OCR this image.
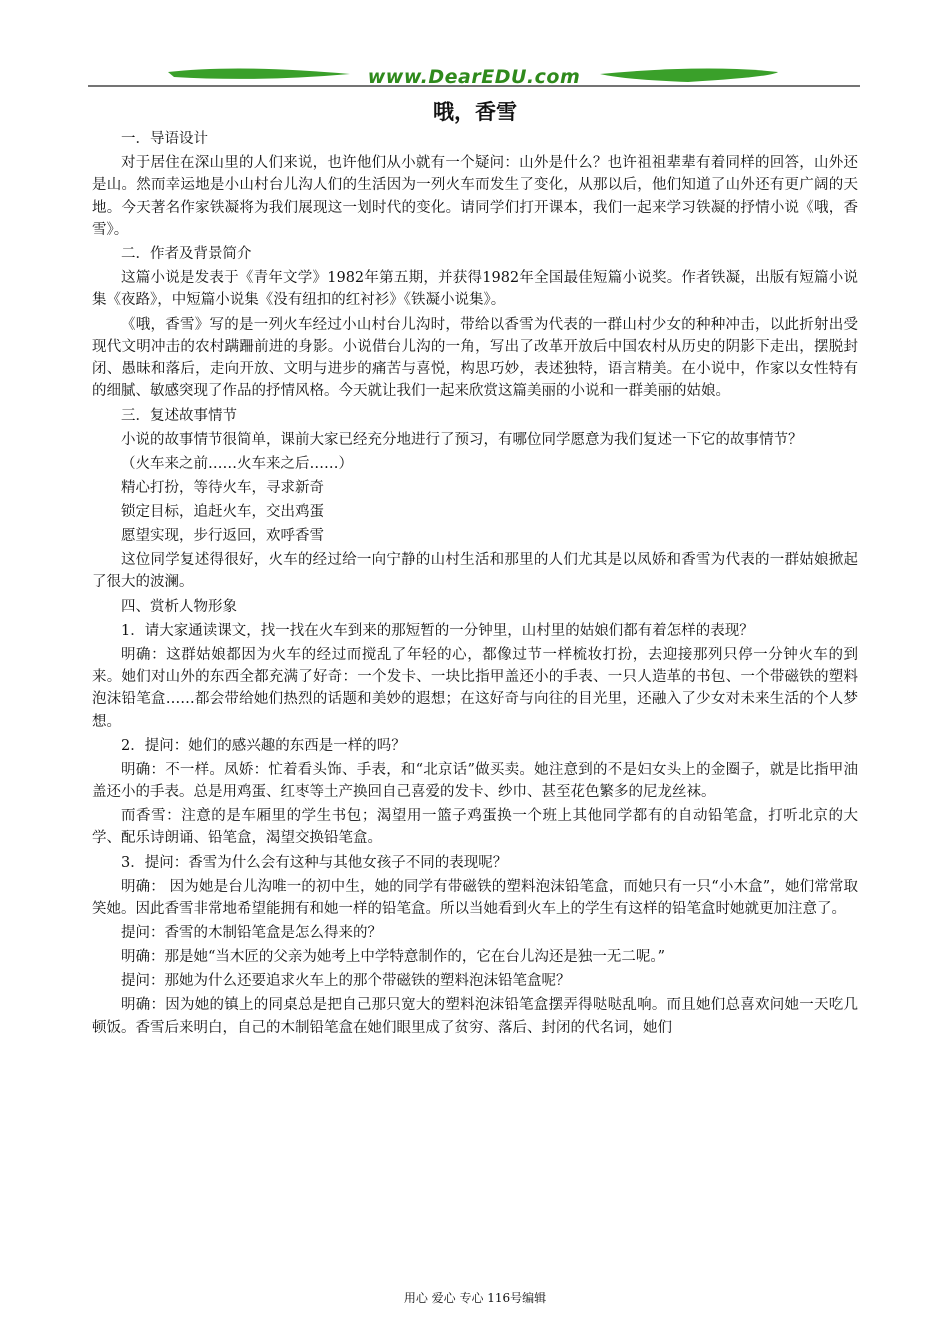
www.DearEDU.com
哦，香雪

一．导语设计

对于居住在深山里的人们来说，也许他们从小就有一个疑问：山外是什么？也许祖祖辈辈有着同样的回答，山外还是山。然而幸运地是小山村台儿沟人们的生活因为一列火车而发生了变化，从那以后，他们知道了山外还有更广阔的天地。今天著名作家铁凝将为我们展现这一划时代的变化。请同学们打开课本，我们一起来学习铁凝的抒情小说《哦，香雪》。

二．作者及背景简介

这篇小说是发表于《青年文学》1982年第五期，并获得1982年全国最佳短篇小说奖。作者铁凝，出版有短篇小说集《夜路》，中短篇小说集《没有纽扣的红衬衫》《铁凝小说集》。

《哦，香雪》写的是一列火车经过小山村台儿沟时，带给以香雪为代表的一群山村少女的种种冲击，以此折射出受现代文明冲击的农村蹒跚前进的身影。小说借台儿沟的一角，写出了改革开放后中国农村从历史的阴影下走出，摆脱封闭、愚昧和落后，走向开放、文明与进步的痛苦与喜悦，构思巧妙，表述独特，语言精美。在小说中，作家以女性特有的细腻、敏感突现了作品的抒情风格。今天就让我们一起来欣赏这篇美丽的小说和一群美丽的姑娘。

三．复述故事情节

小说的故事情节很简单，课前大家已经充分地进行了预习，有哪位同学愿意为我们复述一下它的故事情节？

（火车来之前……火车来之后……）

精心打扮，等待火车，寻求新奇

锁定目标，追赶火车，交出鸡蛋

愿望实现，步行返回，欢呼香雪

这位同学复述得很好，火车的经过给一向宁静的山村生活和那里的人们尤其是以凤娇和香雪为代表的一群姑娘掀起了很大的波澜。

四、赏析人物形象

1．请大家通读课文，找一找在火车到来的那短暂的一分钟里，山村里的姑娘们都有着怎样的表现？

明确：这群姑娘都因为火车的经过而搅乱了年轻的心，都像过节一样梳妆打扮，去迎接那列只停一分钟火车的到来。她们对山外的东西全都充满了好奇：一个发卡、一块比指甲盖还小的手表、一只人造革的书包、一个带磁铁的塑料泡沫铅笔盒……都会带给她们热烈的话题和美妙的遐想；在这好奇与向往的目光里，还融入了少女对未来生活的个人梦想。

2．提问：她们的感兴趣的东西是一样的吗？

明确：不一样。凤娇：忙着看头饰、手表，和“北京话”做买卖。她注意到的不是妇女头上的金圈子，就是比指甲油盖还小的手表。总是用鸡蛋、红枣等土产换回自己喜爱的发卡、纱巾、甚至花色繁多的尼龙丝袜。

而香雪：注意的是车厢里的学生书包；渴望用一篮子鸡蛋换一个班上其他同学都有的自动铅笔盒，打听北京的大学、配乐诗朗诵、铅笔盒，渴望交换铅笔盒。

3．提问：香雪为什么会有这种与其他女孩子不同的表现呢？

明确： 因为她是台儿沟唯一的初中生，她的同学有带磁铁的塑料泡沫铅笔盒，而她只有一只“小木盒”，她们常常取笑她。因此香雪非常地希望能拥有和她一样的铅笔盒。所以当她看到火车上的学生有这样的铅笔盒时她就更加注意了。

提问：香雪的木制铅笔盒是怎么得来的？

明确：那是她“当木匠的父亲为她考上中学特意制作的，它在台儿沟还是独一无二呢。”

提问：那她为什么还要追求火车上的那个带磁铁的塑料泡沫铅笔盒呢？

明确：因为她的镇上的同桌总是把自己那只宽大的塑料泡沫铅笔盒摆弄得哒哒乱响。而且她们总喜欢问她一天吃几顿饭。香雪后来明白，自己的木制铅笔盒在她们眼里成了贫穷、落后、封闭的代名词，她们

用心 爱心 专心 116号编辑
